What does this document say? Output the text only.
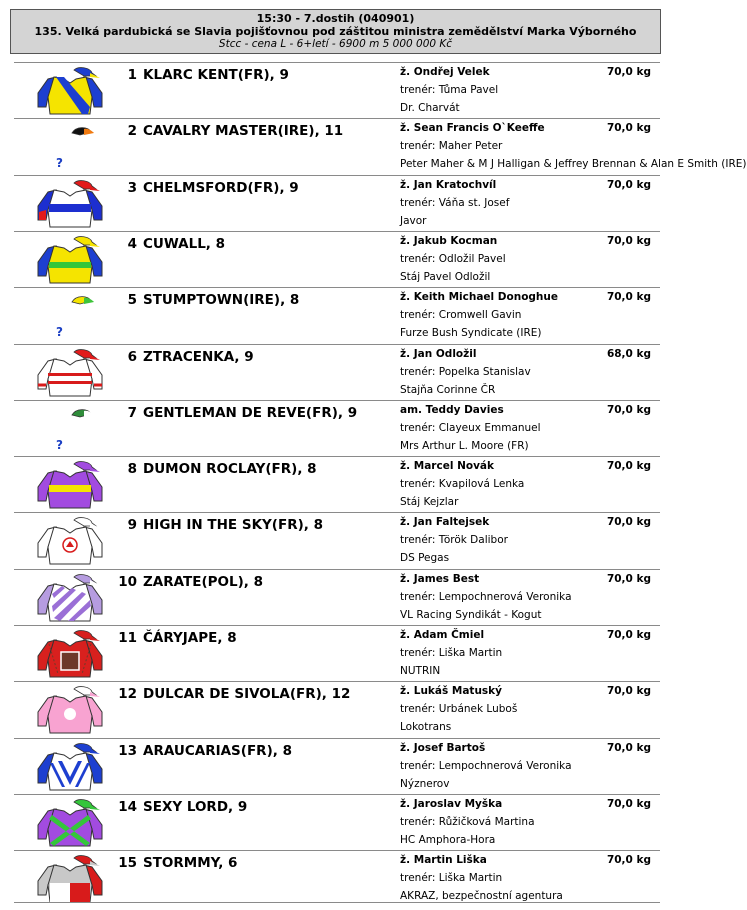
15:30 - 7.dostih (040901)
135. Velká pardubická se Slavia pojišťovnou pod záštitou ministra zemědělství Marka Výborného
Stcc - cena L - 6+letí - 6900 m 5 000 000 Kč
1 KLARC KENT(FR), 9	ž. Ondřej Velek	70,0 kg
trenér: Tůma Pavel
Dr. Charvát
?
2 CAVALRY MASTER(IRE), 11	ž. Sean Francis O`Keeffe	70,0 kg
trenér: Maher Peter
Peter Maher & M J Halligan & Jeffrey Brennan & Alan E Smith (IRE)
3 CHELMSFORD(FR), 9	ž. Jan Kratochvíl	70,0 kg
trenér: Váňa st. Josef
Javor
4 CUWALL, 8	ž. Jakub Kocman	70,0 kg
trenér: Odložil Pavel
Stáj Pavel Odložil
?
5 STUMPTOWN(IRE), 8	ž. Keith Michael Donoghue	70,0 kg
trenér: Cromwell Gavin
Furze Bush Syndicate (IRE)
6 ZTRACENKA, 9	ž. Jan Odložil	68,0 kg
trenér: Popelka Stanislav
Stajňa Corinne ČR
?
7 GENTLEMAN DE REVE(FR), 9	am. Teddy Davies	70,0 kg
trenér: Clayeux Emmanuel
Mrs Arthur L. Moore (FR)
8 DUMON ROCLAY(FR), 8	ž. Marcel Novák	70,0 kg
trenér: Kvapilová Lenka
Stáj Kejzlar
9 HIGH IN THE SKY(FR), 8	ž. Jan Faltejsek	70,0 kg
trenér: Török Dalibor
DS Pegas
10 ZARATE(POL), 8	ž. James Best	70,0 kg
trenér: Lempochnerová Veronika
VL Racing Syndikát - Kogut
11 ČÁRYJAPE, 8	ž. Adam Čmiel	70,0 kg
trenér: Liška Martin
NUTRIN
12 DULCAR DE SIVOLA(FR), 12	ž. Lukáš Matuský	70,0 kg
trenér: Urbánek Luboš
Lokotrans
13 ARAUCARIAS(FR), 8	ž. Josef Bartoš	70,0 kg
trenér: Lempochnerová Veronika
Nýznerov
14 SEXY LORD, 9	ž. Jaroslav Myška	70,0 kg
trenér: Růžičková Martina
HC Amphora-Hora
15 STORMMY, 6	ž. Martin Liška	70,0 kg
trenér: Liška Martin
AKRAZ, bezpečnostní agentura
